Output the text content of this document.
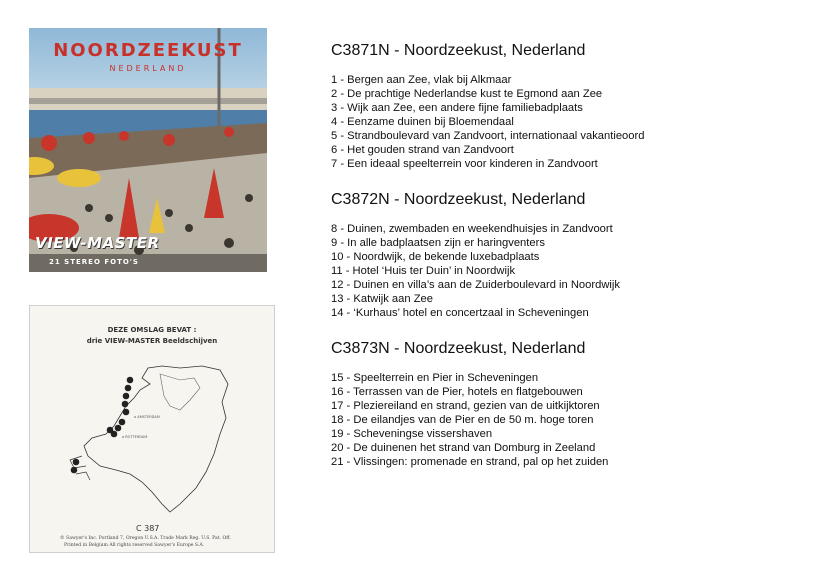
NOORDZEEKUST
NEDERLAND
VIEW-MASTER
21 STEREO FOTO'S
o AMSTERDAM
o ROTTERDAM
DEZE OMSLAG BEVAT :
drie VIEW-MASTER Beeldschijven
C 387
© Sawyer's Inc. Portland 7, Oregon U.S.A. Trade Mark Reg. U.S. Pat. Off.
Printed in Belgium All rights reserved Sawyer's Europe S.A.
C3871N - Noordzeekust, Nederland
1 - Bergen aan Zee, vlak bij Alkmaar
2 - De prachtige Nederlandse kust te Egmond aan Zee
3 - Wijk aan Zee, een andere fijne familiebadplaats
4 - Eenzame duinen bij Bloemendaal
5 - Strandboulevard van Zandvoort, internationaal vakantieoord
6 - Het gouden strand van Zandvoort
7 - Een ideaal speelterrein voor kinderen in Zandvoort
C3872N - Noordzeekust, Nederland
8 - Duinen, zwembaden en weekendhuisjes in Zandvoort
9 - In alle badplaatsen zijn er haringventers
10 - Noordwijk, de bekende luxebadplaats
11 - Hotel ‘Huis ter Duin’ in Noordwijk
12 - Duinen en villa’s aan de Zuiderboulevard in Noordwijk
13 - Katwijk aan Zee
14 - ‘Kurhaus’ hotel en concertzaal in Scheveningen
C3873N - Noordzeekust, Nederland
15 - Speelterrein en Pier in Scheveningen
16 - Terrassen van de Pier, hotels en flatgebouwen
17 - Pleziereiland en strand, gezien van de uitkijktoren
18 - De eilandjes van de Pier en de 50 m. hoge toren
19 - Scheveningse vissershaven
20 - De duinenen het strand van Domburg in Zeeland
21 - Vlissingen: promenade en strand, pal op het zuiden
